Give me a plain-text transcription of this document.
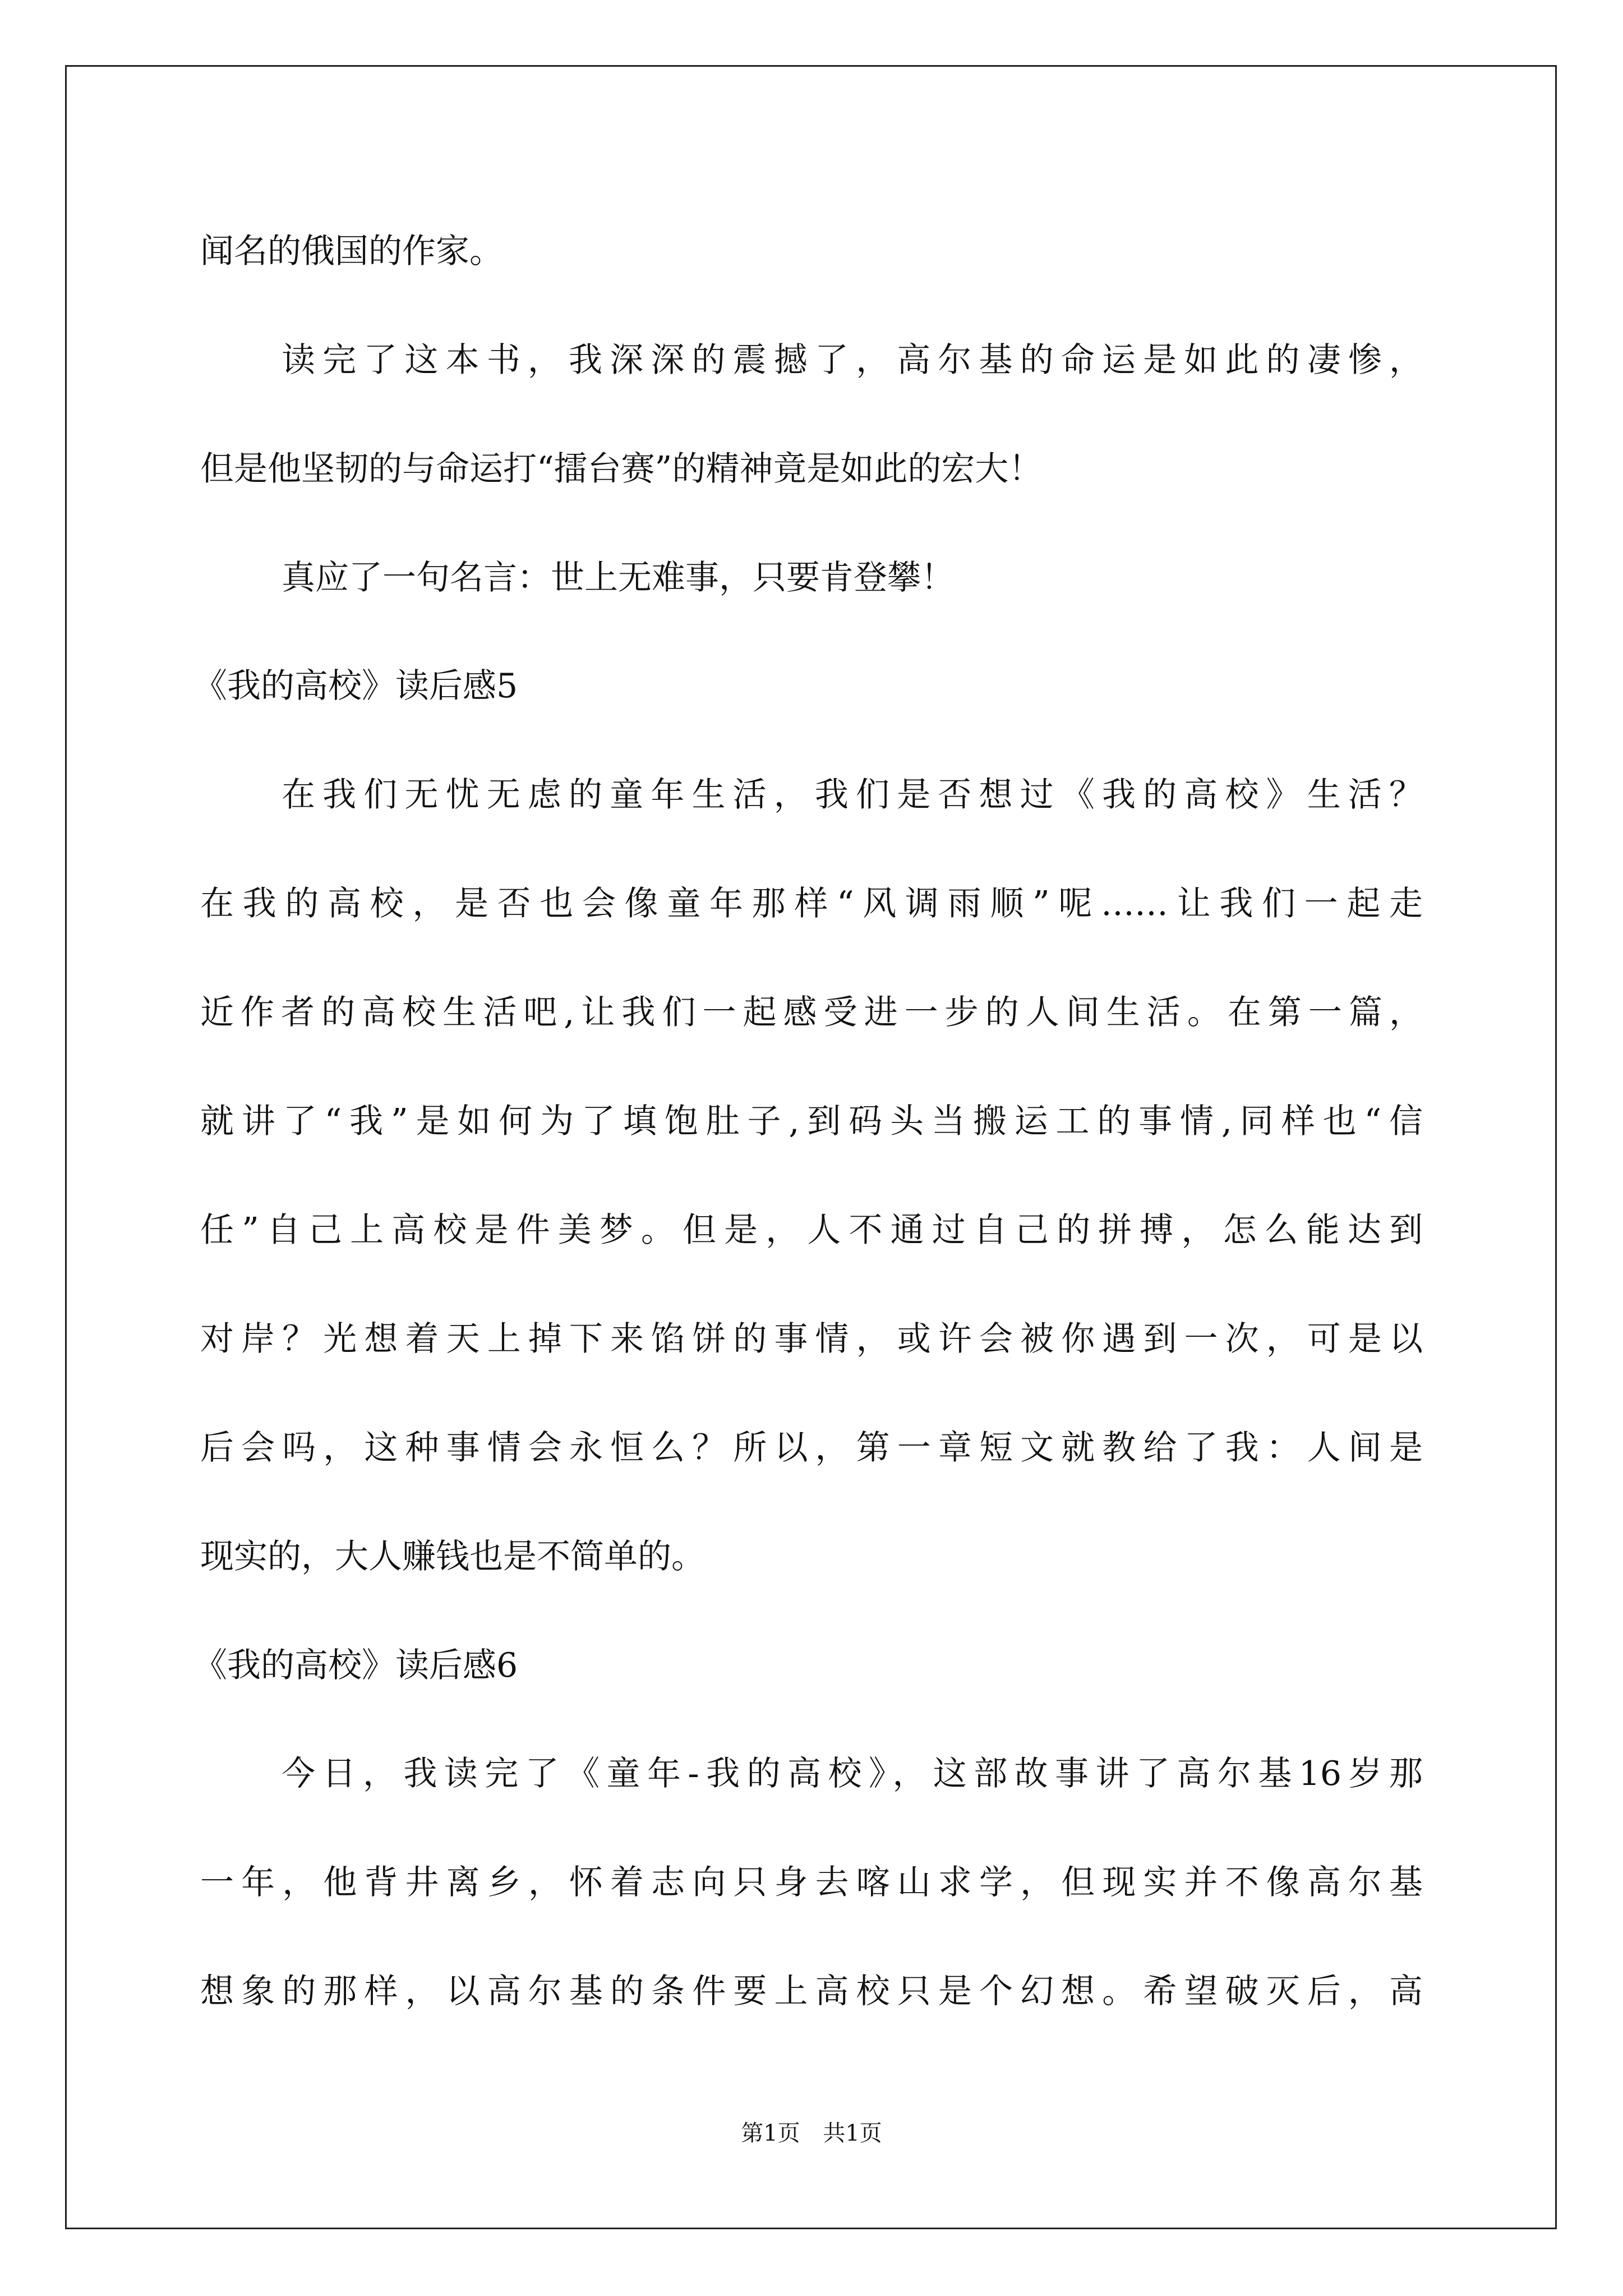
闻名的俄国的作家。
读完了这本书，我深深的震撼了，高尔基的命运是如此的凄惨，
但是他坚韧的与命运打“擂台赛”的精神竟是如此的宏大！
真应了一句名言：世上无难事，只要肯登攀！
《我的高校》读后感5
在我们无忧无虑的童年生活，我们是否想过《我的高校》生活？
在我的高校，是否也会像童年那样“风调雨顺”呢……让我们一起走
近作者的高校生活吧,让我们一起感受进一步的人间生活。在第一篇，
就讲了“我”是如何为了填饱肚子,到码头当搬运工的事情,同样也“信
任”自己上高校是件美梦。但是，人不通过自己的拼搏，怎么能达到
对岸？光想着天上掉下来馅饼的事情，或许会被你遇到一次，可是以
后会吗，这种事情会永恒么？所以，第一章短文就教给了我：人间是
现实的，大人赚钱也是不简单的。
《我的高校》读后感6
今日，我读完了《童年-我的高校》，这部故事讲了高尔基16岁那
一年，他背井离乡，怀着志向只身去喀山求学，但现实并不像高尔基
想象的那样，以高尔基的条件要上高校只是个幻想。希望破灭后，高
第1页 共1页
